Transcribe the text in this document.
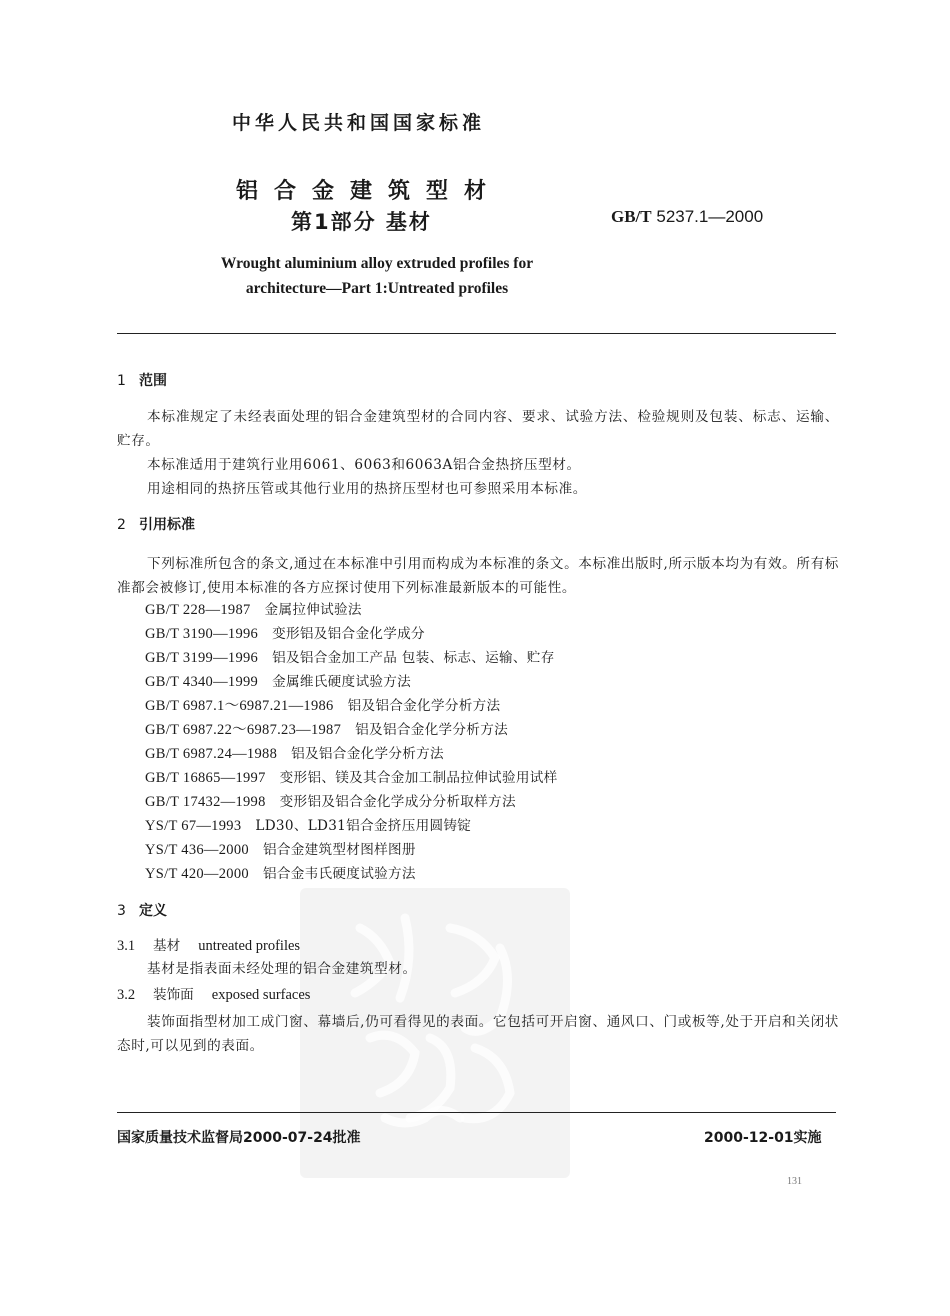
中华人民共和国国家标准
铝合金建筑型材
第1部分 基材	GB/T 5237.1—2000
Wrought aluminium alloy extruded profiles for
architecture—Part 1:Untreated profiles
1 范围
本标准规定了未经表面处理的铝合金建筑型材的合同内容、要求、试验方法、检验规则及包装、标志、运输、贮存。
本标准适用于建筑行业用6061、6063和6063A铝合金热挤压型材。
用途相同的热挤压管或其他行业用的热挤压型材也可参照采用本标准。
2 引用标准
下列标准所包含的条文,通过在本标准中引用而构成为本标准的条文。本标准出版时,所示版本均为有效。所有标准都会被修订,使用本标准的各方应探讨使用下列标准最新版本的可能性。
GB/T 228—1987 金属拉伸试验法
GB/T 3190—1996 变形铝及铝合金化学成分
GB/T 3199—1996 铝及铝合金加工产品 包装、标志、运输、贮存
GB/T 4340—1999 金属维氏硬度试验方法
GB/T 6987.1～6987.21—1986 铝及铝合金化学分析方法
GB/T 6987.22～6987.23—1987 铝及铝合金化学分析方法
GB/T 6987.24—1988 铝及铝合金化学分析方法
GB/T 16865—1997 变形铝、镁及其合金加工制品拉伸试验用试样
GB/T 17432—1998 变形铝及铝合金化学成分分析取样方法
YS/T 67—1993 LD30、LD31铝合金挤压用圆铸锭
YS/T 436—2000 铝合金建筑型材图样图册
YS/T 420—2000 铝合金韦氏硬度试验方法
3 定义
3.1 基材 untreated profiles
基材是指表面未经处理的铝合金建筑型材。
3.2 装饰面 exposed surfaces
装饰面指型材加工成门窗、幕墙后,仍可看得见的表面。它包括可开启窗、通风口、门或板等,处于开启和关闭状态时,可以见到的表面。
国家质量技术监督局2000-07-24批准	2000-12-01实施
131
